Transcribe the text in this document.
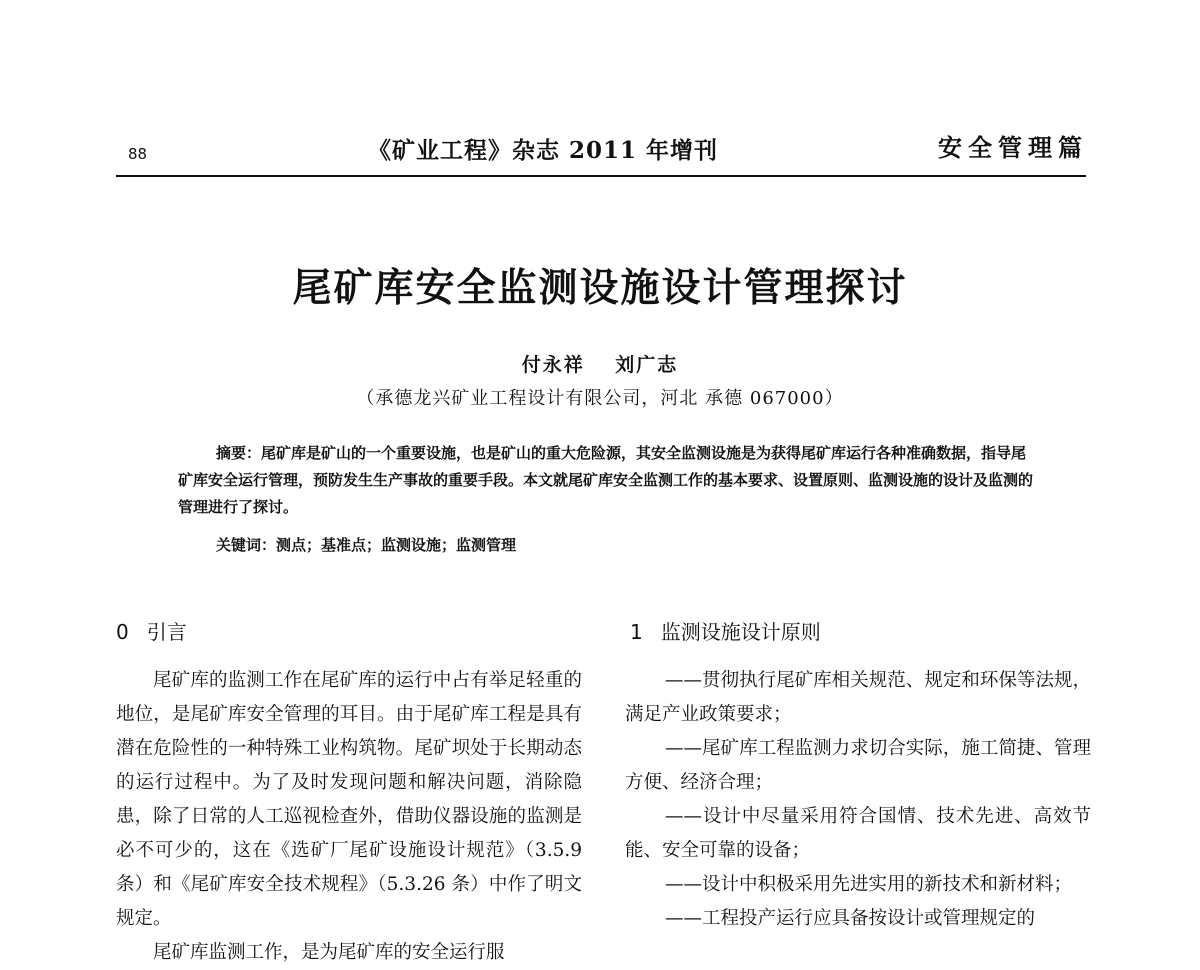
88	《矿业工程》杂志 2011 年增刊	安全管理篇
尾矿库安全监测设施设计管理探讨
付永祥 刘广志
（承德龙兴矿业工程设计有限公司，河北 承德 067000）

摘要：尾矿库是矿山的一个重要设施，也是矿山的重大危险源，其安全监测设施是为获得尾矿库运行各种准确数据，指导尾矿库安全运行管理，预防发生生产事故的重要手段。本文就尾矿库安全监测工作的基本要求、设置原则、监测设施的设计及监测的管理进行了探讨。

关键词：测点；基准点；监测设施；监测管理
0 引言

尾矿库的监测工作在尾矿库的运行中占有举足轻重的地位，是尾矿库安全管理的耳目。由于尾矿库工程是具有潜在危险性的一种特殊工业构筑物。尾矿坝处于长期动态的运行过程中。为了及时发现问题和解决问题，消除隐患，除了日常的人工巡视检查外，借助仪器设施的监测是必不可少的，这在《选矿厂尾矿设施设计规范》（3.5.9 条）和《尾矿库安全技术规程》（5.3.26 条）中作了明文规定。

尾矿库监测工作，是为尾矿库的安全运行服

1 监测设施设计原则

——贯彻执行尾矿库相关规范、规定和环保等法规，满足产业政策要求；

——尾矿库工程监测力求切合实际，施工简捷、管理方便、经济合理；

——设计中尽量采用符合国情、技术先进、高效节能、安全可靠的设备；

——设计中积极采用先进实用的新技术和新材料；

——工程投产运行应具备按设计或管理规定的
